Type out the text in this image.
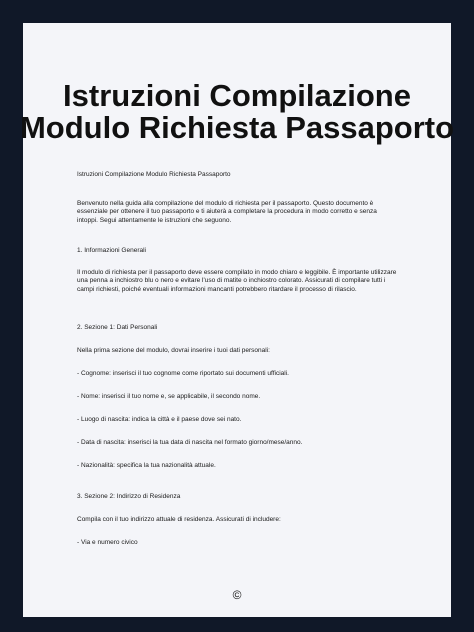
Istruzioni Compilazione
Modulo Richiesta Passaporto

Istruzioni Compilazione Modulo Richiesta Passaporto

Benvenuto nella guida alla compilazione del modulo di richiesta per il passaporto. Questo documento è essenziale per ottenere il tuo passaporto e ti aiuterà a completare la procedura in modo corretto e senza intoppi. Segui attentamente le istruzioni che seguono.

1. Informazioni Generali

Il modulo di richiesta per il passaporto deve essere compilato in modo chiaro e leggibile. È importante utilizzare una penna a inchiostro blu o nero e evitare l'uso di matite o inchiostro colorato. Assicurati di compilare tutti i campi richiesti, poiché eventuali informazioni mancanti potrebbero ritardare il processo di rilascio.

2. Sezione 1: Dati Personali

Nella prima sezione del modulo, dovrai inserire i tuoi dati personali:

- Cognome: inserisci il tuo cognome come riportato sui documenti ufficiali.

- Nome: inserisci il tuo nome e, se applicabile, il secondo nome.

- Luogo di nascita: indica la città e il paese dove sei nato.

- Data di nascita: inserisci la tua data di nascita nel formato giorno/mese/anno.

- Nazionalità: specifica la tua nazionalità attuale.

3. Sezione 2: Indirizzo di Residenza

Compila con il tuo indirizzo attuale di residenza. Assicurati di includere:

- Via e numero civico

©
